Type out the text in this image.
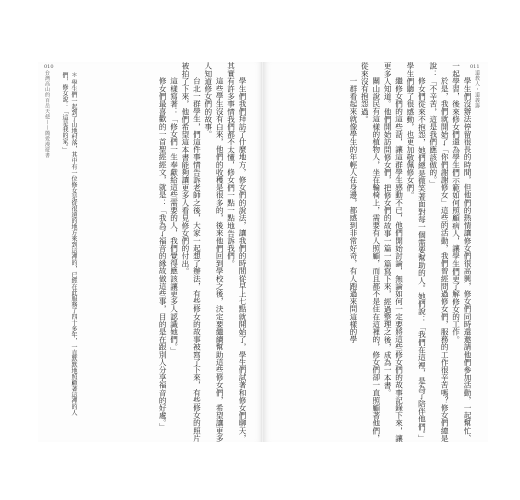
學生們我們拜訪了什麼地方，修女們的說法，讓我們的時間從早上七點就開始了，學生們試著和修女們聊天，其實有許多事情我們都不太懂，修女們一點一點地告訴我們。

這些學生沒有白來，他們的收穫是很多的，後來他們回到學校之後，決定要繼續幫助這些修女們，希望讓更多人知道修女們的故事。

台北一群學生，們這件事情告訴老師之後，大家一起想了辦法，有些修女的故事被寫了下來，有些修女的照片被拍了下來，他們希望這本書能夠讓更多人看見修女們的付出。

這樣寫著：「修女們一生奉獻給這些需要的人，我們覺得應該讓更多人認識她們。」

修女們最喜歡的一首聖經經文，就是：「我為了福音的緣故做這些事，目的是在跟別人分享福音的好處。」

＊ 學生們一起到了山地村落，其中有一位修女是從很遠的地方來到這裡的，已經在此服務了四十多年，一直默默地照顧著這裡的人們，修女說：「這是我的家。」	學生們沒辦法停留很長的時間，但他們的熱情讓修女們很高興，修女們同時還邀請他們參加活動，一起幫忙、一起學習，後來修女們還為學生們示範如何照顧病人，讓學生們更了解修女的工作。

於是，我們就開始了「你們謝謝修女」這些的活動，我們曾經問過修女們，服務的工作很辛苦嗎？修女們總是說：「不辛苦，這是我們應該做的。」

修女們從來不抱怨，她們總是微笑著面對每一個需要幫助的人。她們說：「我們在這裡，是為了陪伴他們。」學生們聽了很感動，也更加敬佩修女們。

繼修女們的這些話，讓這群學生感動不已，他們開始討論，無論如何一定要將這些修女們的故事記錄下來，讓更多人知道。他們開始訪問修女們，把修女們的故事一篇一篇寫下來，經過整理之後，成為一本書。

關山說民有這樣的植物人，坐在輪椅上，需要有人照顧，而且都不是住在這裡的，修女們卻一直照顧著他們，從來沒有抱怨過。

一群看起來就像學生的年輕人在身邊，都感到非常好奇，有人跑過來問這樣的學

台灣高山的百岳天使——簡愛漫遊書
010
道教人・道義籌
011
